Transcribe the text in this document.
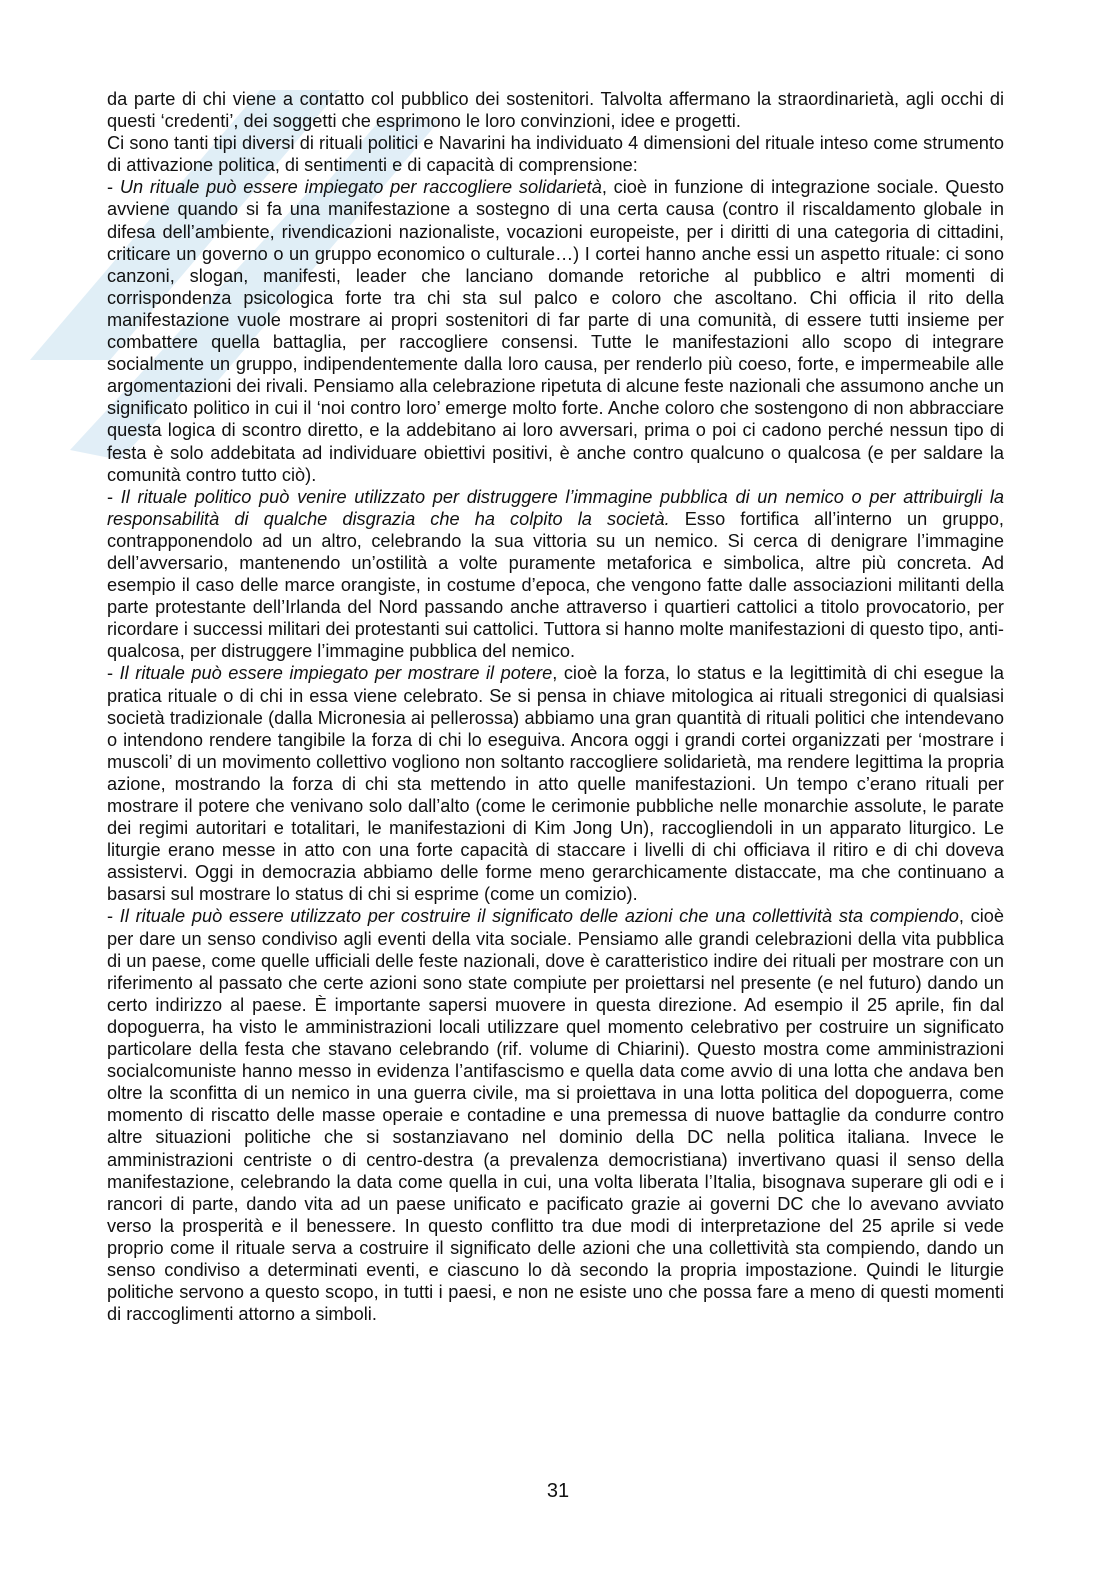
da parte di chi viene a contatto col pubblico dei sostenitori. Talvolta affermano la straordinarietà, agli occhi di questi ‘credenti’, dei soggetti che esprimono le loro convinzioni, idee e progetti.

Ci sono tanti tipi diversi di rituali politici e Navarini ha individuato 4 dimensioni del rituale inteso come strumento di attivazione politica, di sentimenti e di capacità di comprensione:

- Un rituale può essere impiegato per raccogliere solidarietà, cioè in funzione di integrazione sociale. Questo avviene quando si fa una manifestazione a sostegno di una certa causa (contro il riscaldamento globale in difesa dell’ambiente, rivendicazioni nazionaliste, vocazioni europeiste, per i diritti di una categoria di cittadini, criticare un governo o un gruppo economico o culturale…) I cortei hanno anche essi un aspetto rituale: ci sono canzoni, slogan, manifesti, leader che lanciano domande retoriche al pubblico e altri momenti di corrispondenza psicologica forte tra chi sta sul palco e coloro che ascoltano. Chi officia il rito della manifestazione vuole mostrare ai propri sostenitori di far parte di una comunità, di essere tutti insieme per combattere quella battaglia, per raccogliere consensi. Tutte le manifestazioni allo scopo di integrare socialmente un gruppo, indipendentemente dalla loro causa, per renderlo più coeso, forte, e impermeabile alle argomentazioni dei rivali. Pensiamo alla celebrazione ripetuta di alcune feste nazionali che assumono anche un significato politico in cui il ‘noi contro loro’ emerge molto forte. Anche coloro che sostengono di non abbracciare questa logica di scontro diretto, e la addebitano ai loro avversari, prima o poi ci cadono perché nessun tipo di festa è solo addebitata ad individuare obiettivi positivi, è anche contro qualcuno o qualcosa (e per saldare la comunità contro tutto ciò).

- Il rituale politico può venire utilizzato per distruggere l’immagine pubblica di un nemico o per attribuirgli la responsabilità di qualche disgrazia che ha colpito la società. Esso fortifica all’interno un gruppo, contrapponendolo ad un altro, celebrando la sua vittoria su un nemico. Si cerca di denigrare l’immagine dell’avversario, mantenendo un’ostilità a volte puramente metaforica e simbolica, altre più concreta. Ad esempio il caso delle marce orangiste, in costume d’epoca, che vengono fatte dalle associazioni militanti della parte protestante dell’Irlanda del Nord passando anche attraverso i quartieri cattolici a titolo provocatorio, per ricordare i successi militari dei protestanti sui cattolici. Tuttora si hanno molte manifestazioni di questo tipo, anti-qualcosa, per distruggere l’immagine pubblica del nemico.

- Il rituale può essere impiegato per mostrare il potere, cioè la forza, lo status e la legittimità di chi esegue la pratica rituale o di chi in essa viene celebrato. Se si pensa in chiave mitologica ai rituali stregonici di qualsiasi società tradizionale (dalla Micronesia ai pellerossa) abbiamo una gran quantità di rituali politici che intendevano o intendono rendere tangibile la forza di chi lo eseguiva. Ancora oggi i grandi cortei organizzati per ‘mostrare i muscoli’ di un movimento collettivo vogliono non soltanto raccogliere solidarietà, ma rendere legittima la propria azione, mostrando la forza di chi sta mettendo in atto quelle manifestazioni. Un tempo c’erano rituali per mostrare il potere che venivano solo dall’alto (come le cerimonie pubbliche nelle monarchie assolute, le parate dei regimi autoritari e totalitari, le manifestazioni di Kim Jong Un), raccogliendoli in un apparato liturgico. Le liturgie erano messe in atto con una forte capacità di staccare i livelli di chi officiava il ritiro e di chi doveva assistervi. Oggi in democrazia abbiamo delle forme meno gerarchicamente distaccate, ma che continuano a basarsi sul mostrare lo status di chi si esprime (come un comizio).

- Il rituale può essere utilizzato per costruire il significato delle azioni che una collettività sta compiendo, cioè per dare un senso condiviso agli eventi della vita sociale. Pensiamo alle grandi celebrazioni della vita pubblica di un paese, come quelle ufficiali delle feste nazionali, dove è caratteristico indire dei rituali per mostrare con un riferimento al passato che certe azioni sono state compiute per proiettarsi nel presente (e nel futuro) dando un certo indirizzo al paese. È importante sapersi muovere in questa direzione. Ad esempio il 25 aprile, fin dal dopoguerra, ha visto le amministrazioni locali utilizzare quel momento celebrativo per costruire un significato particolare della festa che stavano celebrando (rif. volume di Chiarini). Questo mostra come amministrazioni socialcomuniste hanno messo in evidenza l’antifascismo e quella data come avvio di una lotta che andava ben oltre la sconfitta di un nemico in una guerra civile, ma si proiettava in una lotta politica del dopoguerra, come momento di riscatto delle masse operaie e contadine e una premessa di nuove battaglie da condurre contro altre situazioni politiche che si sostanziavano nel dominio della DC nella politica italiana. Invece le amministrazioni centriste o di centro-destra (a prevalenza democristiana) invertivano quasi il senso della manifestazione, celebrando la data come quella in cui, una volta liberata l’Italia, bisognava superare gli odi e i rancori di parte, dando vita ad un paese unificato e pacificato grazie ai governi DC che lo avevano avviato verso la prosperità e il benessere. In questo conflitto tra due modi di interpretazione del 25 aprile si vede proprio come il rituale serva a costruire il significato delle azioni che una collettività sta compiendo, dando un senso condiviso a determinati eventi, e ciascuno lo dà secondo la propria impostazione. Quindi le liturgie politiche servono a questo scopo, in tutti i paesi, e non ne esiste uno che possa fare a meno di questi momenti di raccoglimenti attorno a simboli.

31
